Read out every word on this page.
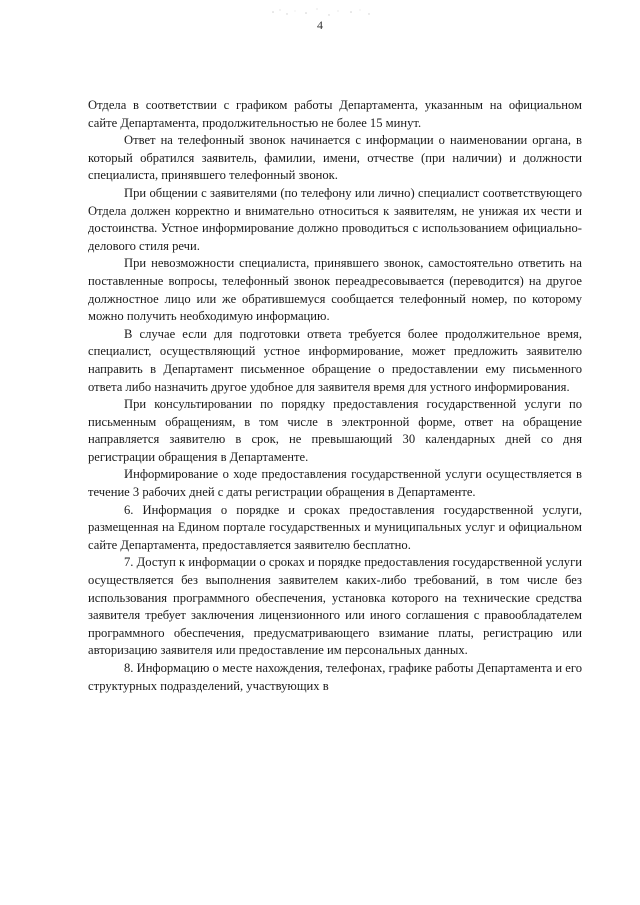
4

Отдела в соответствии с графиком работы Департамента, указанным на официальном сайте Департамента, продолжительностью не более 15 минут.

Ответ на телефонный звонок начинается с информации о наименовании органа, в который обратился заявитель, фамилии, имени, отчестве (при наличии) и должности специалиста, принявшего телефонный звонок.

При общении с заявителями (по телефону или лично) специалист соответствующего Отдела должен корректно и внимательно относиться к заявителям, не унижая их чести и достоинства. Устное информирование должно проводиться с использованием официально-делового стиля речи.

При невозможности специалиста, принявшего звонок, самостоятельно ответить на поставленные вопросы, телефонный звонок переадресовывается (переводится) на другое должностное лицо или же обратившемуся сообщается телефонный номер, по которому можно получить необходимую информацию.

В случае если для подготовки ответа требуется более продолжительное время, специалист, осуществляющий устное информирование, может предложить заявителю направить в Департамент письменное обращение о предоставлении ему письменного ответа либо назначить другое удобное для заявителя время для устного информирования.

При консультировании по порядку предоставления государственной услуги по письменным обращениям, в том числе в электронной форме, ответ на обращение направляется заявителю в срок, не превышающий 30 календарных дней со дня регистрации обращения в Департаменте.

Информирование о ходе предоставления государственной услуги осуществляется в течение 3 рабочих дней с даты регистрации обращения в Департаменте.

6. Информация о порядке и сроках предоставления государственной услуги, размещенная на Едином портале государственных и муниципальных услуг и официальном сайте Департамента, предоставляется заявителю бесплатно.

7. Доступ к информации о сроках и порядке предоставления государственной услуги осуществляется без выполнения заявителем каких-либо требований, в том числе без использования программного обеспечения, установка которого на технические средства заявителя требует заключения лицензионного или иного соглашения с правообладателем программного обеспечения, предусматривающего взимание платы, регистрацию или авторизацию заявителя или предоставление им персональных данных.

8. Информацию о месте нахождения, телефонах, графике работы Департамента и его структурных подразделений, участвующих в
